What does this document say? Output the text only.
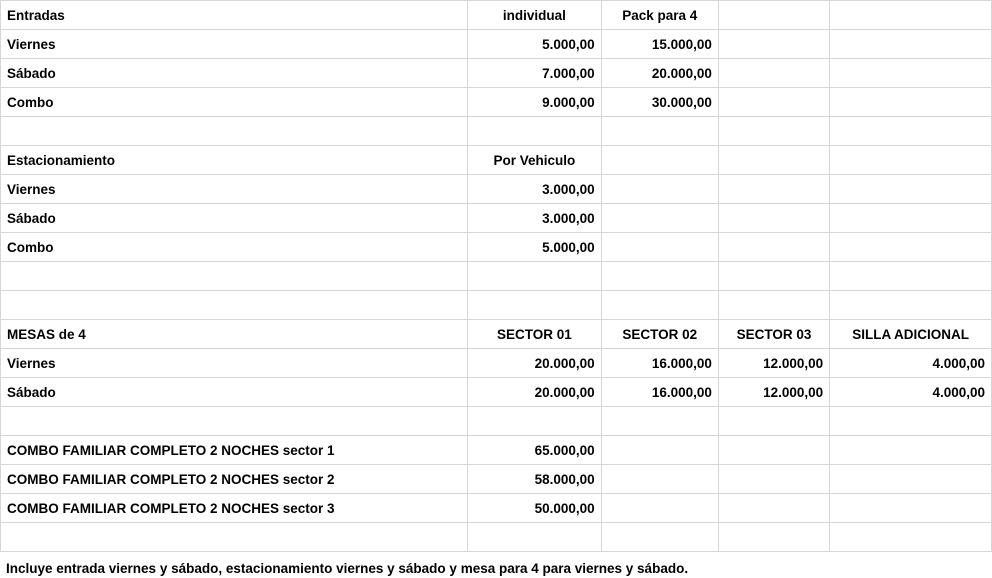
Entradas	individual	Pack para 4		
Viernes	5.000,00	15.000,00		
Sábado	7.000,00	20.000,00		
Combo	9.000,00	30.000,00		

Estacionamiento	Por Vehiculo			
Viernes	3.000,00			
Sábado	3.000,00			
Combo	5.000,00			

MESAS de 4	SECTOR 01	SECTOR 02	SECTOR 03	SILLA ADICIONAL
Viernes	20.000,00	16.000,00	12.000,00	4.000,00
Sábado	20.000,00	16.000,00	12.000,00	4.000,00

COMBO FAMILIAR COMPLETO 2 NOCHES sector 1	65.000,00			
COMBO FAMILIAR COMPLETO 2 NOCHES sector 2	58.000,00			
COMBO FAMILIAR COMPLETO 2 NOCHES sector 3	50.000,00			

Incluye entrada viernes y sábado, estacionamiento viernes y sábado y mesa para 4 para viernes y sábado.
